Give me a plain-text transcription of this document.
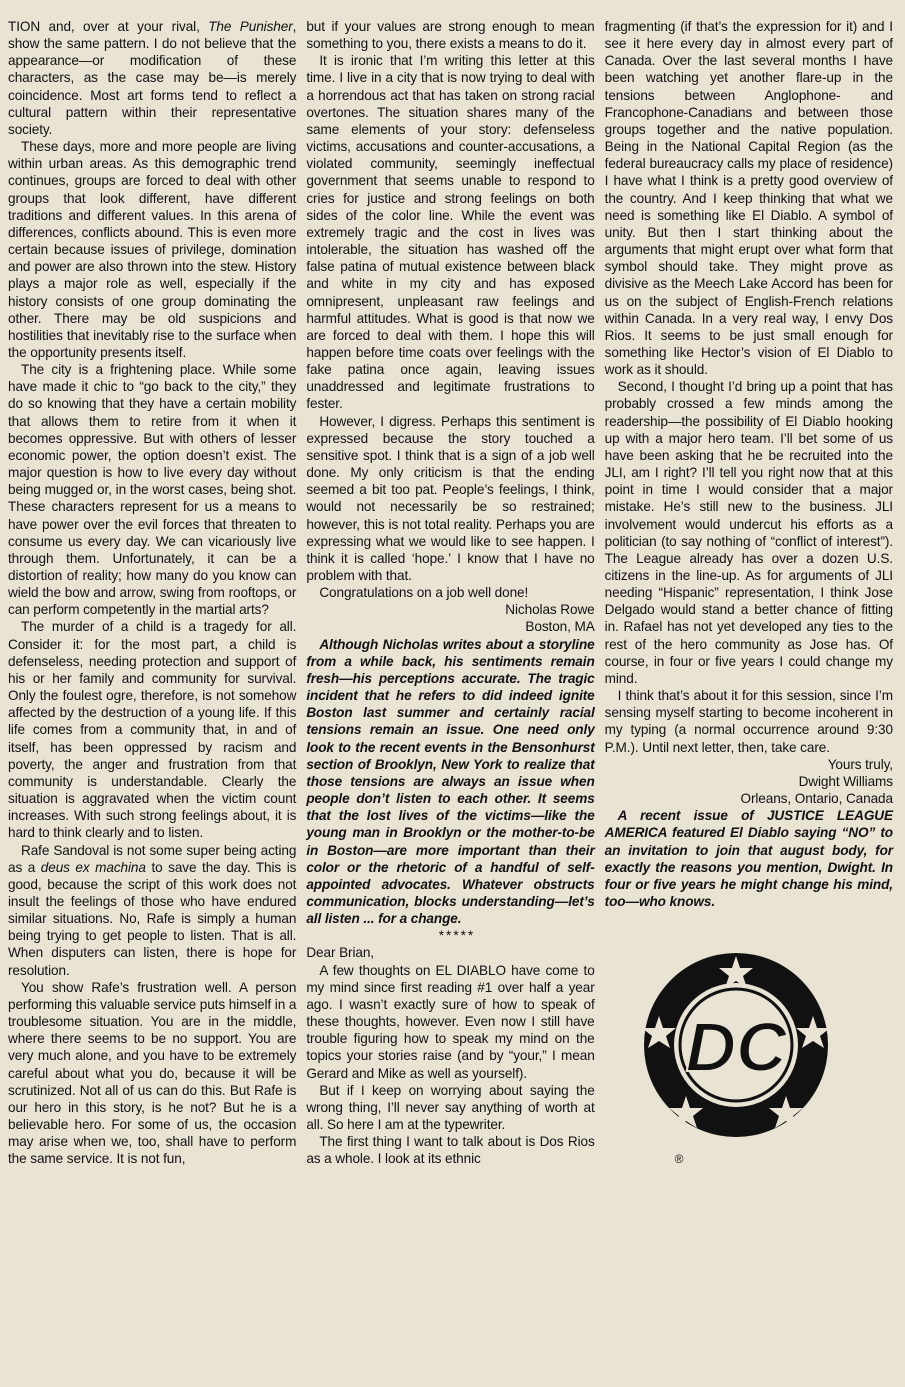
TION and, over at your rival, The Punisher, show the same pattern. I do not believe that the appearance—or modification of these characters, as the case may be—is merely coincidence. Most art forms tend to reflect a cultural pattern within their representative society.

These days, more and more people are living within urban areas. As this demographic trend continues, groups are forced to deal with other groups that look different, have different traditions and different values. In this arena of differences, conflicts abound. This is even more certain because issues of privilege, domination and power are also thrown into the stew. History plays a major role as well, especially if the history consists of one group dominating the other. There may be old suspicions and hostilities that inevitably rise to the surface when the opportunity presents itself.

The city is a frightening place. While some have made it chic to “go back to the city,” they do so knowing that they have a certain mobility that allows them to retire from it when it becomes oppressive. But with others of lesser economic power, the option doesn’t exist. The major question is how to live every day without being mugged or, in the worst cases, being shot. These characters represent for us a means to have power over the evil forces that threaten to consume us every day. We can vicariously live through them. Unfortunately, it can be a distortion of reality; how many do you know can wield the bow and arrow, swing from rooftops, or can perform competently in the martial arts?

The murder of a child is a tragedy for all. Consider it: for the most part, a child is defenseless, needing protection and support of his or her family and community for survival. Only the foulest ogre, therefore, is not somehow affected by the destruction of a young life. If this life comes from a community that, in and of itself, has been oppressed by racism and poverty, the anger and frustration from that community is understandable. Clearly the situation is aggravated when the victim count increases. With such strong feelings about, it is hard to think clearly and to listen.

Rafe Sandoval is not some super being acting as a deus ex machina to save the day. This is good, because the script of this work does not insult the feelings of those who have endured similar situations. No, Rafe is simply a human being trying to get people to listen. That is all. When disputers can listen, there is hope for resolution.

You show Rafe’s frustration well. A person performing this valuable service puts himself in a troublesome situation. You are in the middle, where there seems to be no support. You are very much alone, and you have to be extremely careful about what you do, because it will be scrutinized. Not all of us can do this. But Rafe is our hero in this story, is he not? But he is a believable hero. For some of us, the occasion may arise when we, too, shall have to perform the same service. It is not fun,

but if your values are strong enough to mean something to you, there exists a means to do it.

It is ironic that I’m writing this letter at this time. I live in a city that is now trying to deal with a horrendous act that has taken on strong racial overtones. The situation shares many of the same elements of your story: defenseless victims, accusations and counter-accusations, a violated community, seemingly ineffectual government that seems unable to respond to cries for justice and strong feelings on both sides of the color line. While the event was extremely tragic and the cost in lives was intolerable, the situation has washed off the false patina of mutual existence between black and white in my city and has exposed omnipresent, unpleasant raw feelings and harmful attitudes. What is good is that now we are forced to deal with them. I hope this will happen before time coats over feelings with the fake patina once again, leaving issues unaddressed and legitimate frustrations to fester.

However, I digress. Perhaps this sentiment is expressed because the story touched a sensitive spot. I think that is a sign of a job well done. My only criticism is that the ending seemed a bit too pat. People’s feelings, I think, would not necessarily be so restrained; however, this is not total reality. Perhaps you are expressing what we would like to see happen. I think it is called ‘hope.’ I know that I have no problem with that.

Congratulations on a job well done!

Nicholas Rowe

Boston, MA

Although Nicholas writes about a storyline from a while back, his sentiments remain fresh—his perceptions accurate. The tragic incident that he refers to did indeed ignite Boston last summer and certainly racial tensions remain an issue. One need only look to the recent events in the Bensonhurst section of Brooklyn, New York to realize that those tensions are always an issue when people don’t listen to each other. It seems that the lost lives of the victims—like the young man in Brooklyn or the mother-to-be in Boston—are more important than their color or the rhetoric of a handful of self-appointed advocates. Whatever obstructs communication, blocks understanding—let’s all listen ... for a change.

*****

Dear Brian,

A few thoughts on EL DIABLO have come to my mind since first reading #1 over half a year ago. I wasn’t exactly sure of how to speak of these thoughts, however. Even now I still have trouble figuring how to speak my mind on the topics your stories raise (and by “your,” I mean Gerard and Mike as well as yourself).

But if I keep on worrying about saying the wrong thing, I’ll never say anything of worth at all. So here I am at the typewriter.

The first thing I want to talk about is Dos Rios as a whole. I look at its ethnic

fragmenting (if that’s the expression for it) and I see it here every day in almost every part of Canada. Over the last several months I have been watching yet another flare-up in the tensions between Anglophone- and Francophone-Canadians and between those groups together and the native population. Being in the National Capital Region (as the federal bureaucracy calls my place of residence) I have what I think is a pretty good overview of the country. And I keep thinking that what we need is something like El Diablo. A symbol of unity. But then I start thinking about the arguments that might erupt over what form that symbol should take. They might prove as divisive as the Meech Lake Accord has been for us on the subject of English-French relations within Canada. In a very real way, I envy Dos Rios. It seems to be just small enough for something like Hector’s vision of El Diablo to work as it should.

Second, I thought I’d bring up a point that has probably crossed a few minds among the readership—the possibility of El Diablo hooking up with a major hero team. I’ll bet some of us have been asking that he be recruited into the JLI, am I right? I’ll tell you right now that at this point in time I would consider that a major mistake. He’s still new to the business. JLI involvement would undercut his efforts as a politician (to say nothing of “conflict of interest”). The League already has over a dozen U.S. citizens in the line-up. As for arguments of JLI needing “Hispanic” representation, I think Jose Delgado would stand a better chance of fitting in. Rafael has not yet developed any ties to the rest of the hero community as Jose has. Of course, in four or five years I could change my mind.

I think that’s about it for this session, since I’m sensing myself starting to become incoherent in my typing (a normal occurrence around 9:30 P.M.). Until next letter, then, take care.

Yours truly,

Dwight Williams

Orleans, Ontario, Canada

A recent issue of JUSTICE LEAGUE AMERICA featured El Diablo saying “NO” to an invitation to join that august body, for exactly the reasons you mention, Dwight. In four or five years he might change his mind, too—who knows.

DC
®
